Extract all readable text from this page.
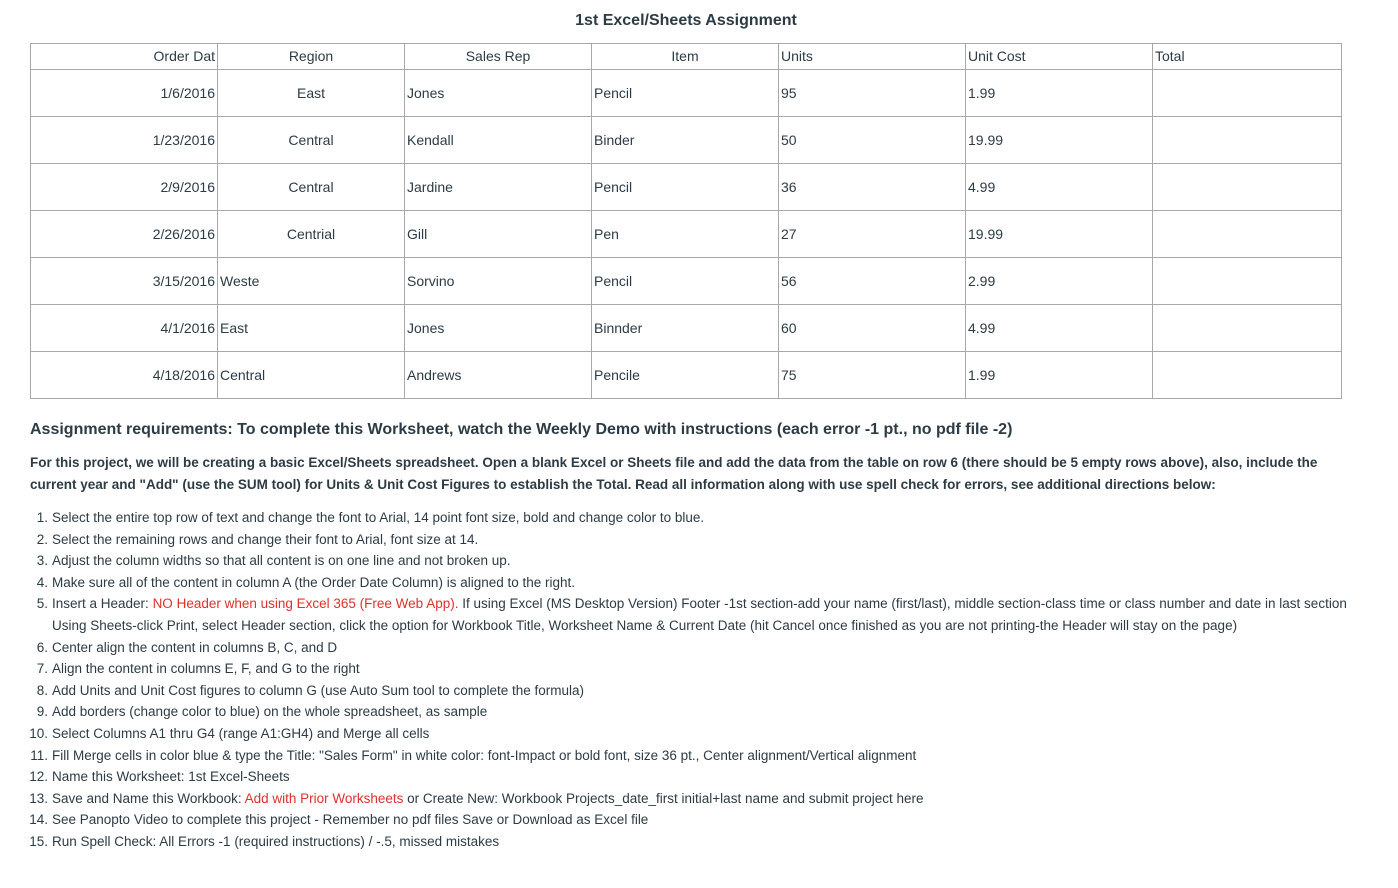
1st Excel/Sheets Assignment
Order Dat	Region	Sales Rep	Item	Units	Unit Cost	Total
1/6/2016	East	Jones	Pencil	95	1.99	
1/23/2016	Central	Kendall	Binder	50	19.99	
2/9/2016	Central	Jardine	Pencil	36	4.99	
2/26/2016	Centrial	Gill	Pen	27	19.99	
3/15/2016	Weste	Sorvino	Pencil	56	2.99	
4/1/2016	East	Jones	Binnder	60	4.99	
4/18/2016	Central	Andrews	Pencile	75	1.99	
Assignment requirements: To complete this Worksheet, watch the Weekly Demo with instructions (each error -1 pt., no pdf file -2)
For this project, we will be creating a basic Excel/Sheets spreadsheet. Open a blank Excel or Sheets file and add the data from the table on row 6 (there should be 5 empty rows above), also, include the current year and "Add" (use the SUM tool) for Units & Unit Cost Figures to establish the Total. Read all information along with use spell check for errors, see additional directions below:
1. Select the entire top row of text and change the font to Arial, 14 point font size, bold and change color to blue.
2. Select the remaining rows and change their font to Arial, font size at 14.
3. Adjust the column widths so that all content is on one line and not broken up.
4. Make sure all of the content in column A (the Order Date Column) is aligned to the right.
5. Insert a Header: NO Header when using Excel 365 (Free Web App). If using Excel (MS Desktop Version) Footer -1st section-add your name (first/last), middle section-class time or class number and date in last section
Using Sheets-click Print, select Header section, click the option for Workbook Title, Worksheet Name & Current Date (hit Cancel once finished as you are not printing-the Header will stay on the page)
6. Center align the content in columns B, C, and D
7. Align the content in columns E, F, and G to the right
8. Add Units and Unit Cost figures to column G (use Auto Sum tool to complete the formula)
9. Add borders (change color to blue) on the whole spreadsheet, as sample
10. Select Columns A1 thru G4 (range A1:GH4) and Merge all cells
11. Fill Merge cells in color blue & type the Title: "Sales Form" in white color: font-Impact or bold font, size 36 pt., Center alignment/Vertical alignment
12. Name this Worksheet: 1st Excel-Sheets
13. Save and Name this Workbook: Add with Prior Worksheets or Create New: Workbook Projects_date_first initial+last name and submit project here
14. See Panopto Video to complete this project - Remember no pdf files Save or Download as Excel file
15. Run Spell Check: All Errors -1 (required instructions) / -.5, missed mistakes
